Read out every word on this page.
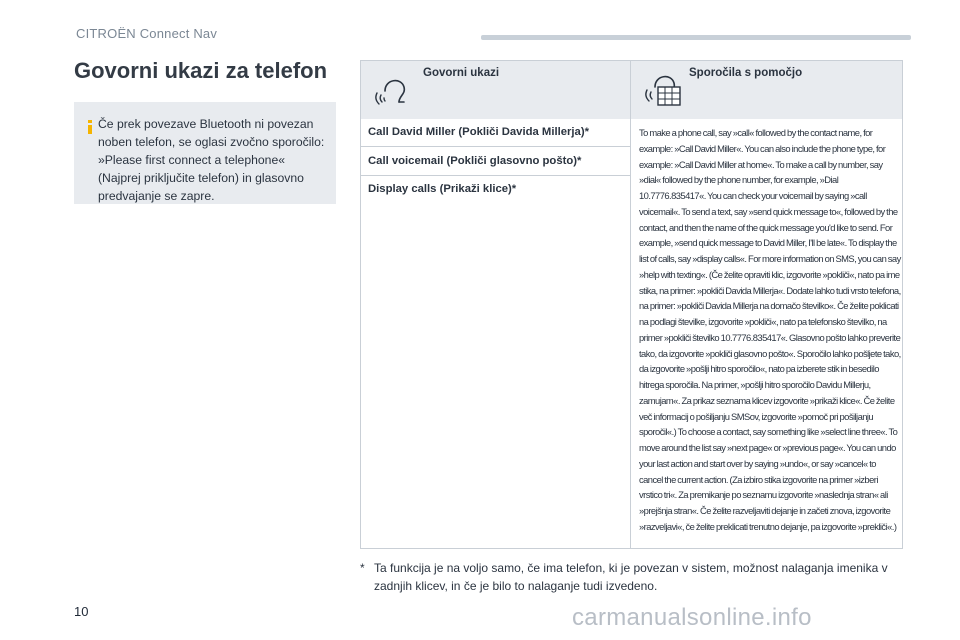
CITROËN Connect Nav
Govorni ukazi za telefon
Če prek povezave Bluetooth ni povezan
noben telefon, se oglasi zvočno sporočilo:
»Please first connect a telephone«
(Najprej priključite telefon) in glasovno
predvajanje se zapre.
Govorni ukazi	Sporočila s pomočjo
Call David Miller (Pokliči Davida Millerja)*
Call voicemail (Pokliči glasovno pošto)*
Display calls (Prikaži klice)*
To make a phone call, say »call« followed by the contact name, for example: »Call David Miller«. You can also include the phone type, for example: »Call David Miller at home«. To make a call by number, say »dial« followed by the phone number, for example, »Dial 10.7776.835417«. You can check your voicemail by saying »call voicemail«. To send a text, say »send quick message to«, followed by the contact, and then the name of the quick message you'd like to send. For example, »send quick message to David Miller, I'll be late«. To display the list of calls, say »display calls«. For more information on SMS, you can say »help with texting«. (Če želite opraviti klic, izgovorite »pokliči«, nato pa ime stika, na primer: »pokliči Davida Millerja«. Dodate lahko tudi vrsto telefona, na primer: »pokliči Davida Millerja na domačo številko«. Če želite poklicati na podlagi številke, izgovorite »pokliči«, nato pa telefonsko številko, na primer »pokliči številko 10.7776.835417«. Glasovno pošto lahko preverite tako, da izgovorite »pokliči glasovno pošto«. Sporočilo lahko pošljete tako, da izgovorite »pošlji hitro sporočilo«, nato pa izberete stik in besedilo hitrega sporočila. Na primer, »pošlji hitro sporočilo Davidu Millerju, zamujam«. Za prikaz seznama klicev izgovorite »prikaži klice«. Če želite več informacij o pošiljanju SMSov, izgovorite »pomoč pri pošiljanju sporočil«.) To choose a contact, say something like »select line three«. To move around the list say »next page« or »previous page«. You can undo your last action and start over by saying »undo«, or say »cancel« to cancel the current action. (Za izbiro stika izgovorite na primer »izberi vrstico tri«. Za premikanje po seznamu izgovorite »naslednja stran« ali »prejšnja stran«. Če želite razveljaviti dejanje in začeti znova, izgovorite »razveljavi«, če želite preklicati trenutno dejanje, pa izgovorite »prekliči«.)
* Ta funkcija je na voljo samo, če ima telefon, ki je povezan v sistem, možnost nalaganja imenika v zadnjih klicev, in če je bilo to nalaganje tudi izvedeno.
10	carmanualsonline.info
